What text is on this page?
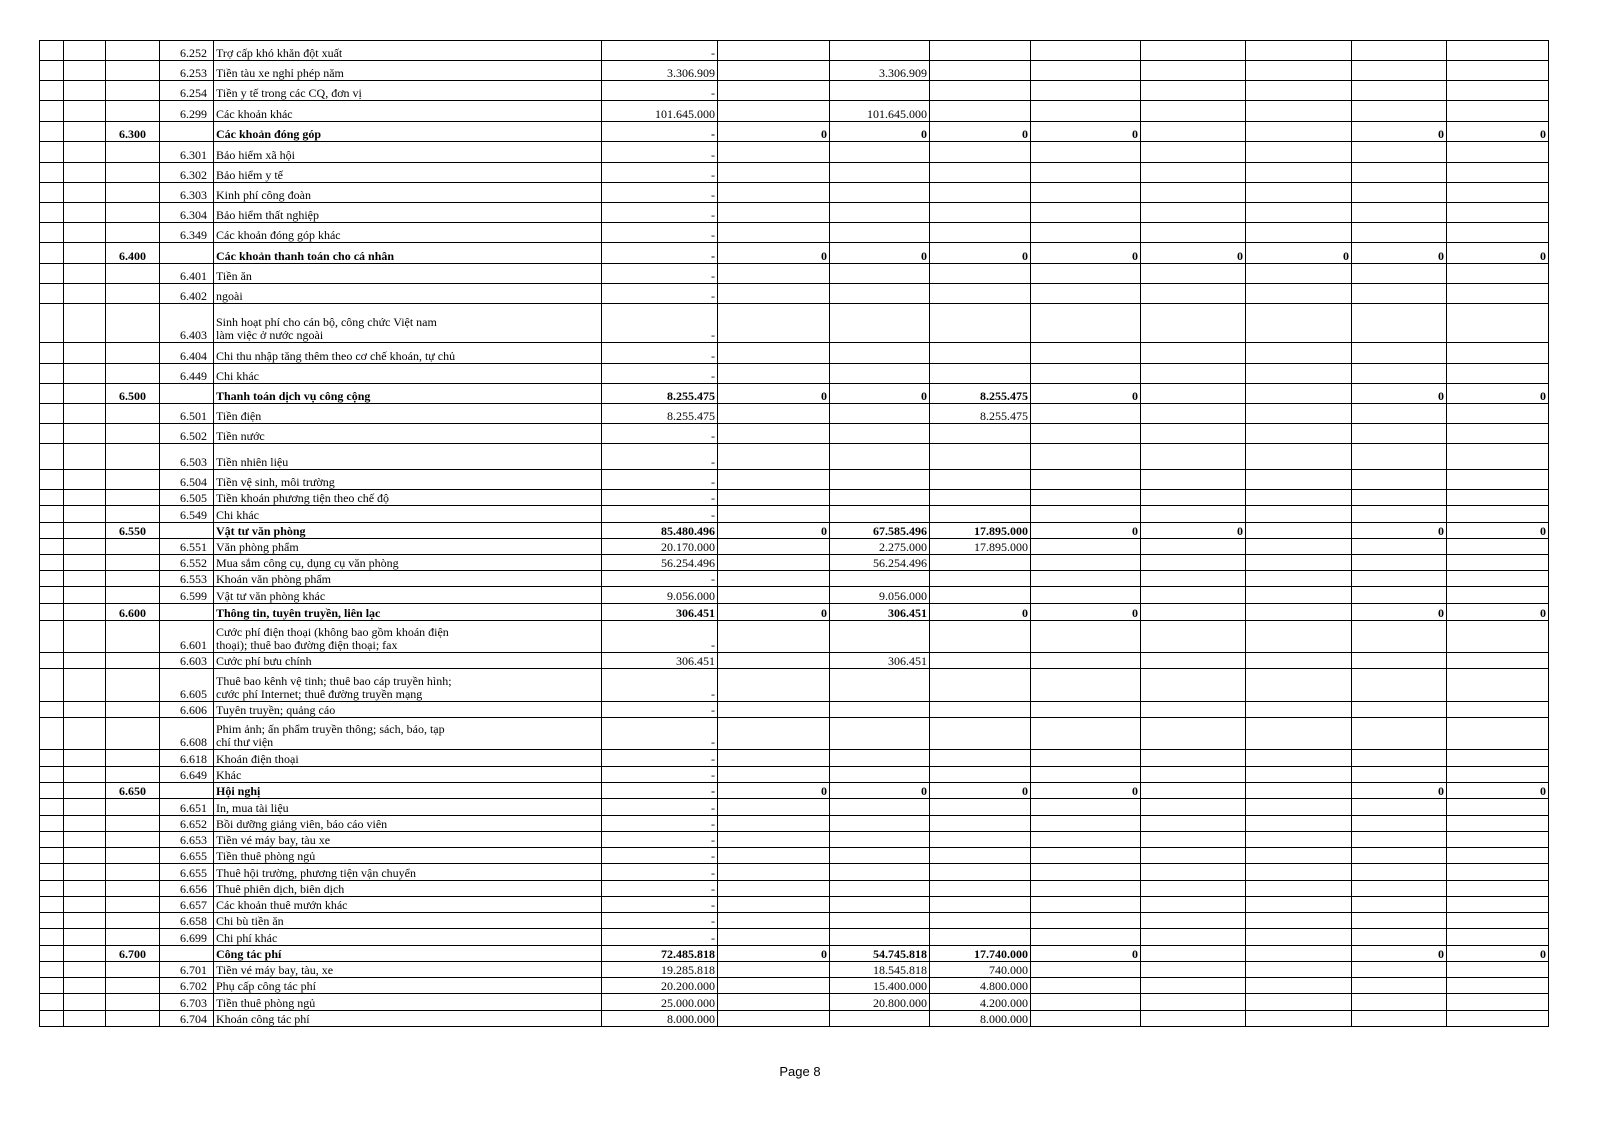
			6.252	Trợ cấp khó khăn đột xuất	-								
			6.253	Tiền tàu xe nghỉ phép năm	3.306.909		3.306.909						
			6.254	Tiền y tế trong các CQ, đơn vị	-								
			6.299	Các khoản khác	101.645.000		101.645.000						
		6.300		Các khoản đóng góp	-	0	0	0	0			0	0
			6.301	Bảo hiểm xã hội	-								
			6.302	Bảo hiểm y tế	-								
			6.303	Kinh phí công đoàn	-								
			6.304	Bảo hiểm thất nghiệp	-								
			6.349	Các khoản đóng góp khác	-								
		6.400		Các khoản thanh toán cho cá nhân	-	0	0	0	0	0	0	0	0
			6.401	Tiền ăn	-								
			6.402	ngoài	-								
			6.403	Sinh hoạt phí cho cán bộ, công chức Việt nam
làm việc ở nước ngoài	-								
			6.404	Chi thu nhập tăng thêm theo cơ chế khoán, tự chủ	-								
			6.449	Chi khác	-								
		6.500		Thanh toán dịch vụ công cộng	8.255.475	0	0	8.255.475	0			0	0
			6.501	Tiền điện	8.255.475			8.255.475					
			6.502	Tiền nước	-								
			6.503	Tiền nhiên liệu	-								
			6.504	Tiền vệ sinh, môi trường	-								
			6.505	Tiền khoán phương tiện theo chế độ	-								
			6.549	Chi khác	-								
		6.550		Vật tư văn phòng	85.480.496	0	67.585.496	17.895.000	0	0		0	0
			6.551	Văn phòng phẩm	20.170.000		2.275.000	17.895.000					
			6.552	Mua sắm công cụ, dụng cụ văn phòng	56.254.496		56.254.496						
			6.553	Khoán văn phòng phẩm	-								
			6.599	Vật tư văn phòng khác	9.056.000		9.056.000						
		6.600		Thông tin, tuyên truyền, liên lạc	306.451	0	306.451	0	0			0	0
			6.601	Cước phí điện thoại (không bao gồm khoán điện
thoại); thuê bao đường điện thoại; fax	-								
			6.603	Cước phí bưu chính	306.451		306.451						
			6.605	Thuê bao kênh vệ tinh; thuê bao cáp truyền hình;
cước phí Internet; thuê đường truyền mạng	-								
			6.606	Tuyên truyền; quảng cáo	-								
			6.608	Phim ảnh; ấn phẩm truyền thông; sách, báo, tạp
chí thư viện	-								
			6.618	Khoán điện thoại	-								
			6.649	Khác	-								
		6.650		Hội nghị	-	0	0	0	0			0	0
			6.651	In, mua tài liệu	-								
			6.652	Bồi dưỡng giảng viên, báo cáo viên	-								
			6.653	Tiền vé máy bay, tàu xe	-								
			6.655	Tiền thuê phòng ngủ	-								
			6.655	Thuê hội trường, phương tiện vận chuyển	-								
			6.656	Thuê phiên dịch, biên dịch	-								
			6.657	Các khoản thuê mướn khác	-								
			6.658	Chi bù tiền ăn	-								
			6.699	Chi phí khác	-								
		6.700		Công tác phí	72.485.818	0	54.745.818	17.740.000	0			0	0
			6.701	Tiền vé máy bay, tàu, xe	19.285.818		18.545.818	740.000					
			6.702	Phụ cấp công tác phí	20.200.000		15.400.000	4.800.000					
			6.703	Tiền thuê phòng ngủ	25.000.000		20.800.000	4.200.000					
			6.704	Khoán công tác phí	8.000.000			8.000.000					
Page 8
